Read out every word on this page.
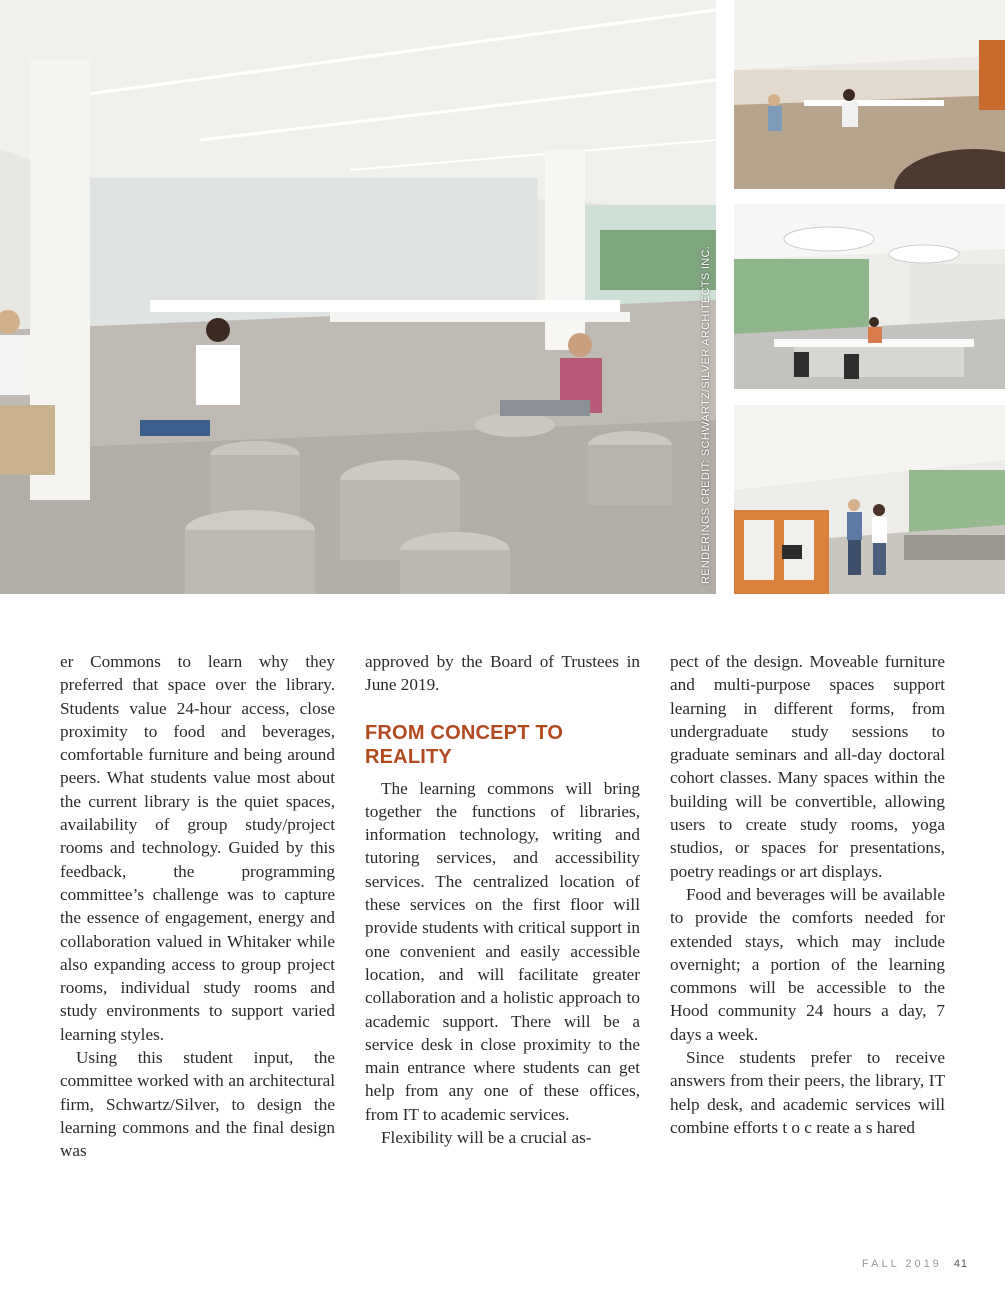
RENDERINGS CREDIT: SCHWARTZ/SILVER ARCHITECTS INC.

er Commons to learn why they preferred that space over the library. Students value 24-hour access, close proximity to food and beverages, comfortable furniture and being around peers. What students value most about the current library is the quiet spaces, availability of group study/project rooms and technology. Guided by this feedback, the programming committee’s challenge was to capture the essence of engagement, energy and collaboration valued in Whitaker while also expanding access to group project rooms, individual study rooms and study environments to support varied learning styles.

Using this student input, the committee worked with an architectural firm, Schwartz/Silver, to design the learning commons and the final design was

approved by the Board of Trustees in June 2019.

FROM CONCEPT TO REALITY

The learning commons will bring together the functions of libraries, information technology, writing and tutoring services, and accessibility services. The centralized location of these services on the first floor will provide students with critical support in one convenient and easily accessible location, and will facilitate greater collaboration and a holistic approach to academic support. There will be a service desk in close proximity to the main entrance where students can get help from any one of these offices, from IT to academic services.

Flexibility will be a crucial as-

pect of the design. Moveable furniture and multi-purpose spaces support learning in different forms, from undergraduate study sessions to graduate seminars and all-day doctoral cohort classes. Many spaces within the building will be convertible, allowing users to create study rooms, yoga studios, or spaces for presentations, poetry readings or art displays.

Food and beverages will be available to provide the comforts needed for extended stays, which may include overnight; a portion of the learning commons will be accessible to the Hood community 24 hours a day, 7 days a week.

Since students prefer to receive answers from their peers, the library, IT help desk, and academic services will combine efforts t o c reate a s hared

FALL 2019 41
